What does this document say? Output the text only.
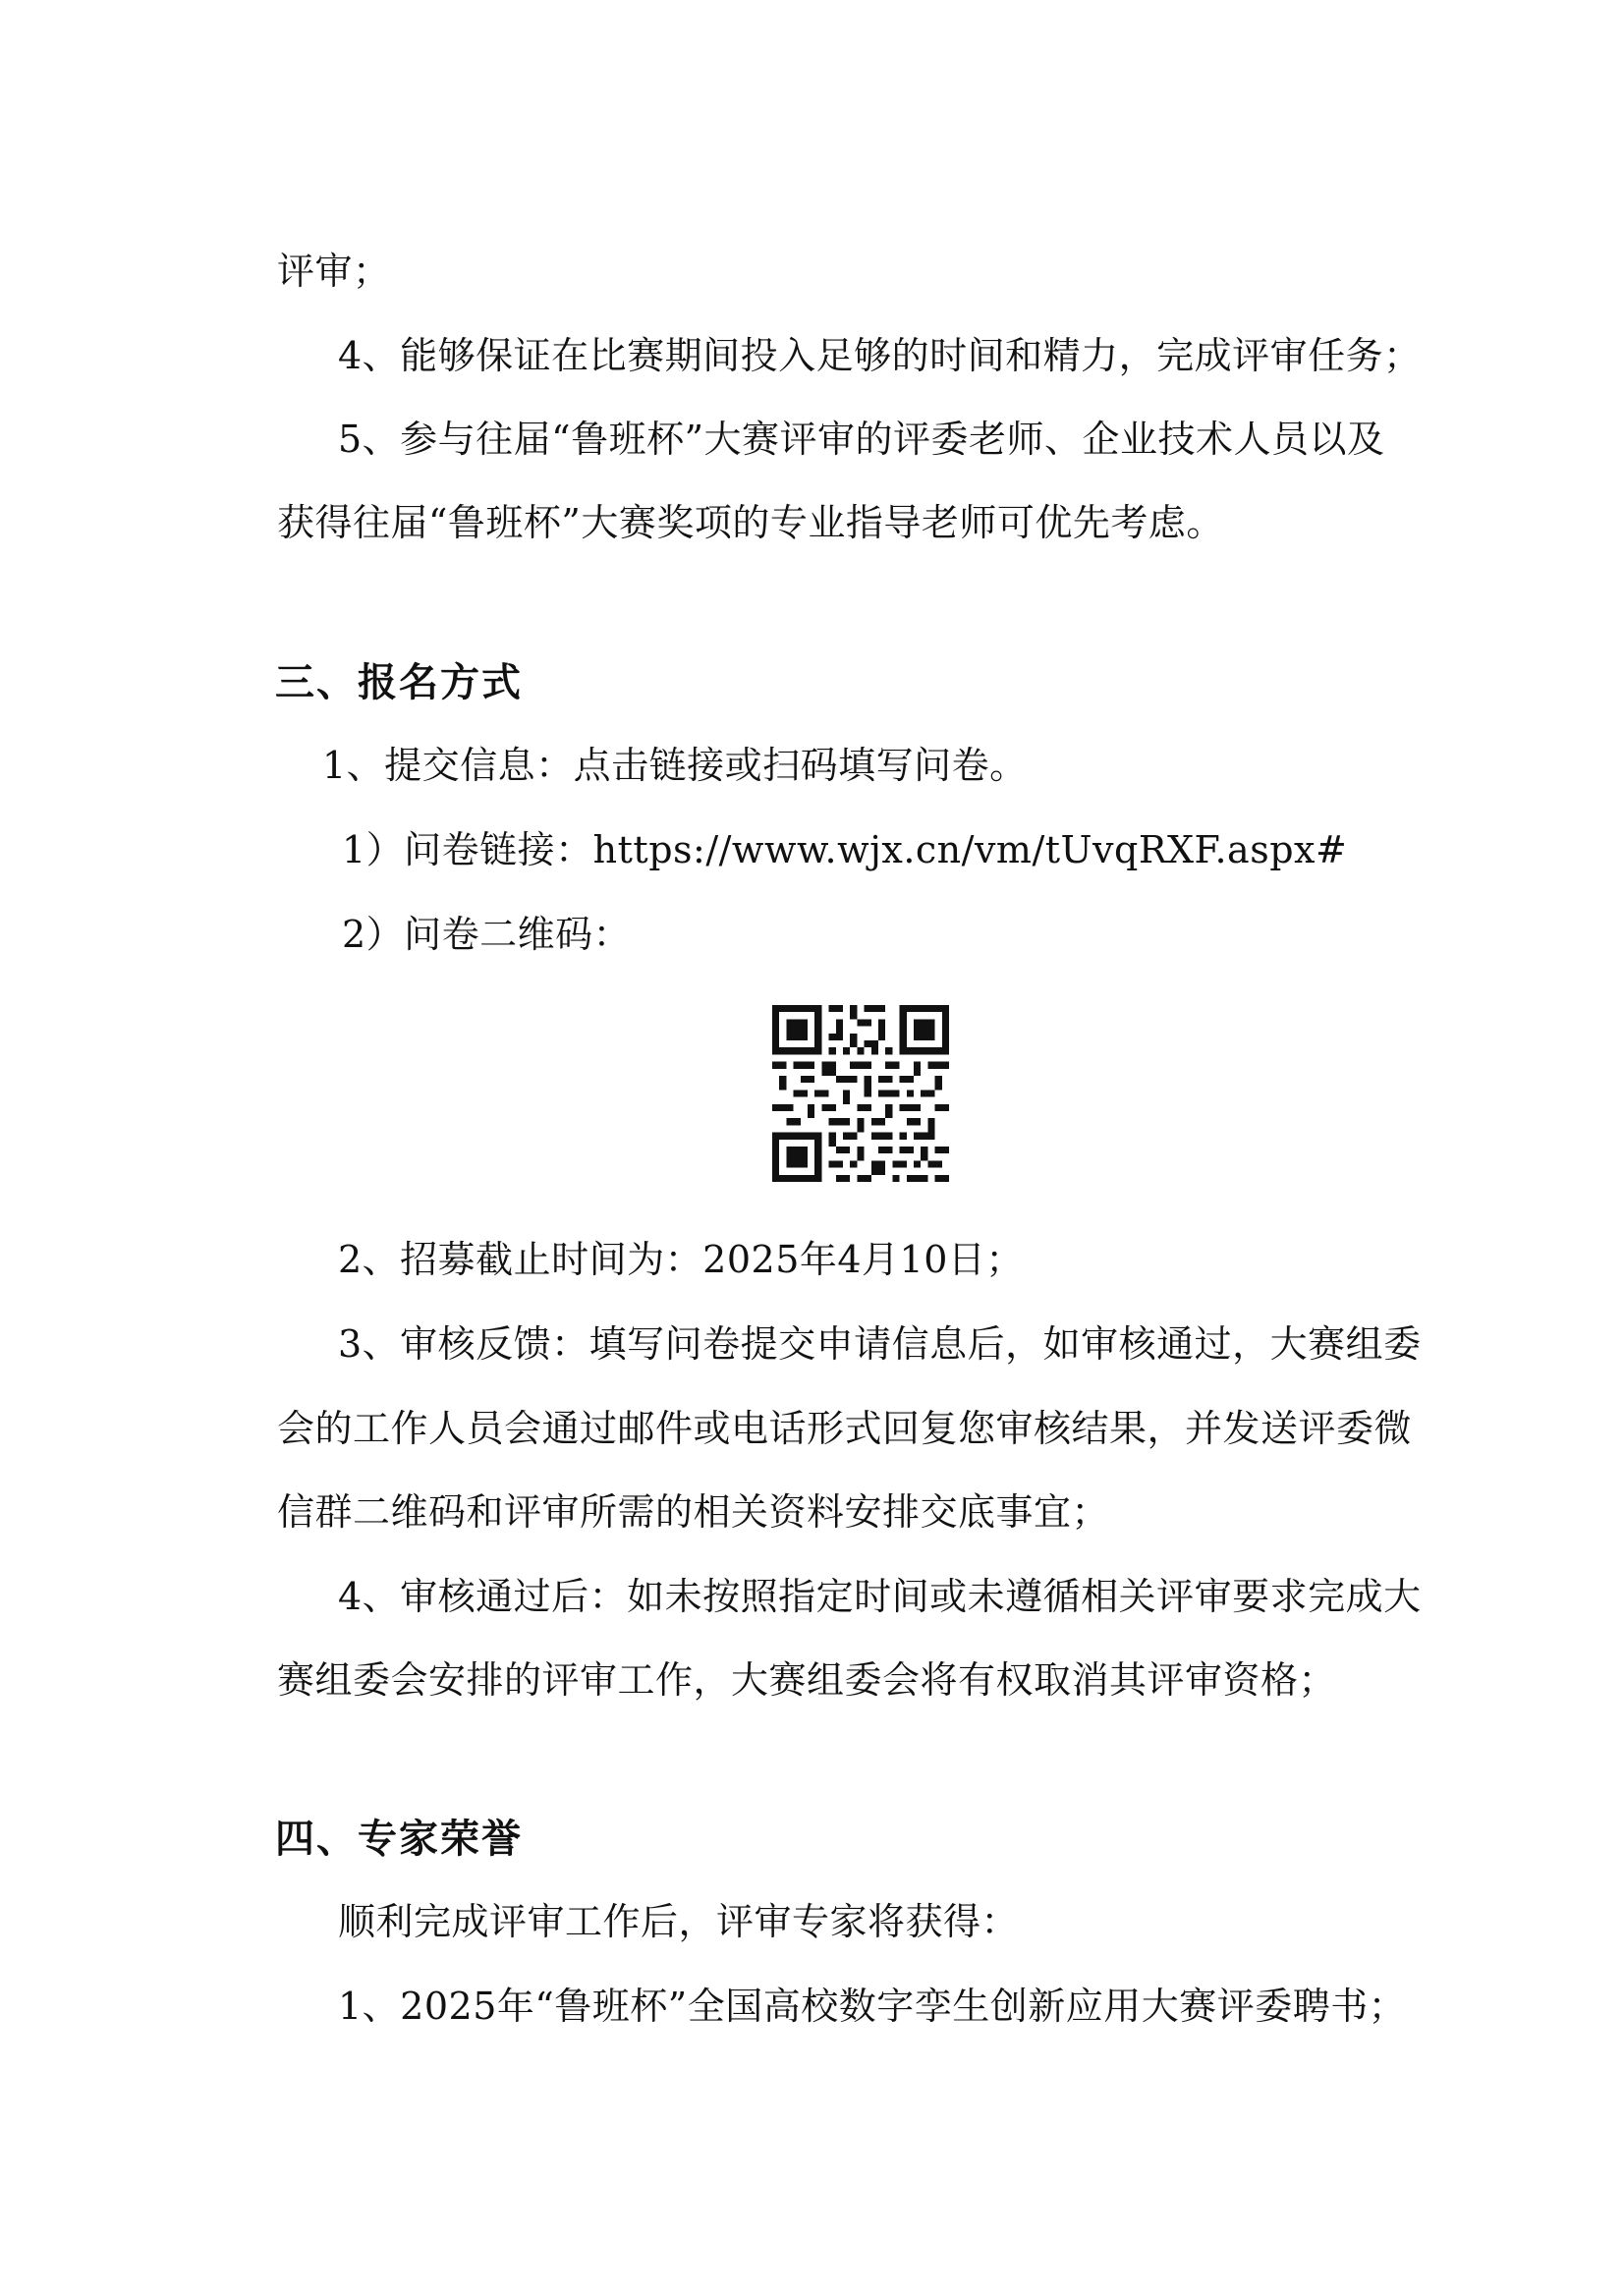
评审；
4、能够保证在比赛期间投入足够的时间和精力，完成评审任务；
5、参与往届“鲁班杯”大赛评审的评委老师、企业技术人员以及
获得往届“鲁班杯”大赛奖项的专业指导老师可优先考虑。
三、报名方式
1、提交信息：点击链接或扫码填写问卷。
1）问卷链接：https://www.wjx.cn/vm/tUvqRXF.aspx#
2）问卷二维码：
2、招募截止时间为：2025年4月10日；
3、审核反馈：填写问卷提交申请信息后，如审核通过，大赛组委
会的工作人员会通过邮件或电话形式回复您审核结果，并发送评委微
信群二维码和评审所需的相关资料安排交底事宜；
4、审核通过后：如未按照指定时间或未遵循相关评审要求完成大
赛组委会安排的评审工作，大赛组委会将有权取消其评审资格；
四、专家荣誉
顺利完成评审工作后，评审专家将获得：
1、2025年“鲁班杯”全国高校数字孪生创新应用大赛评委聘书；
